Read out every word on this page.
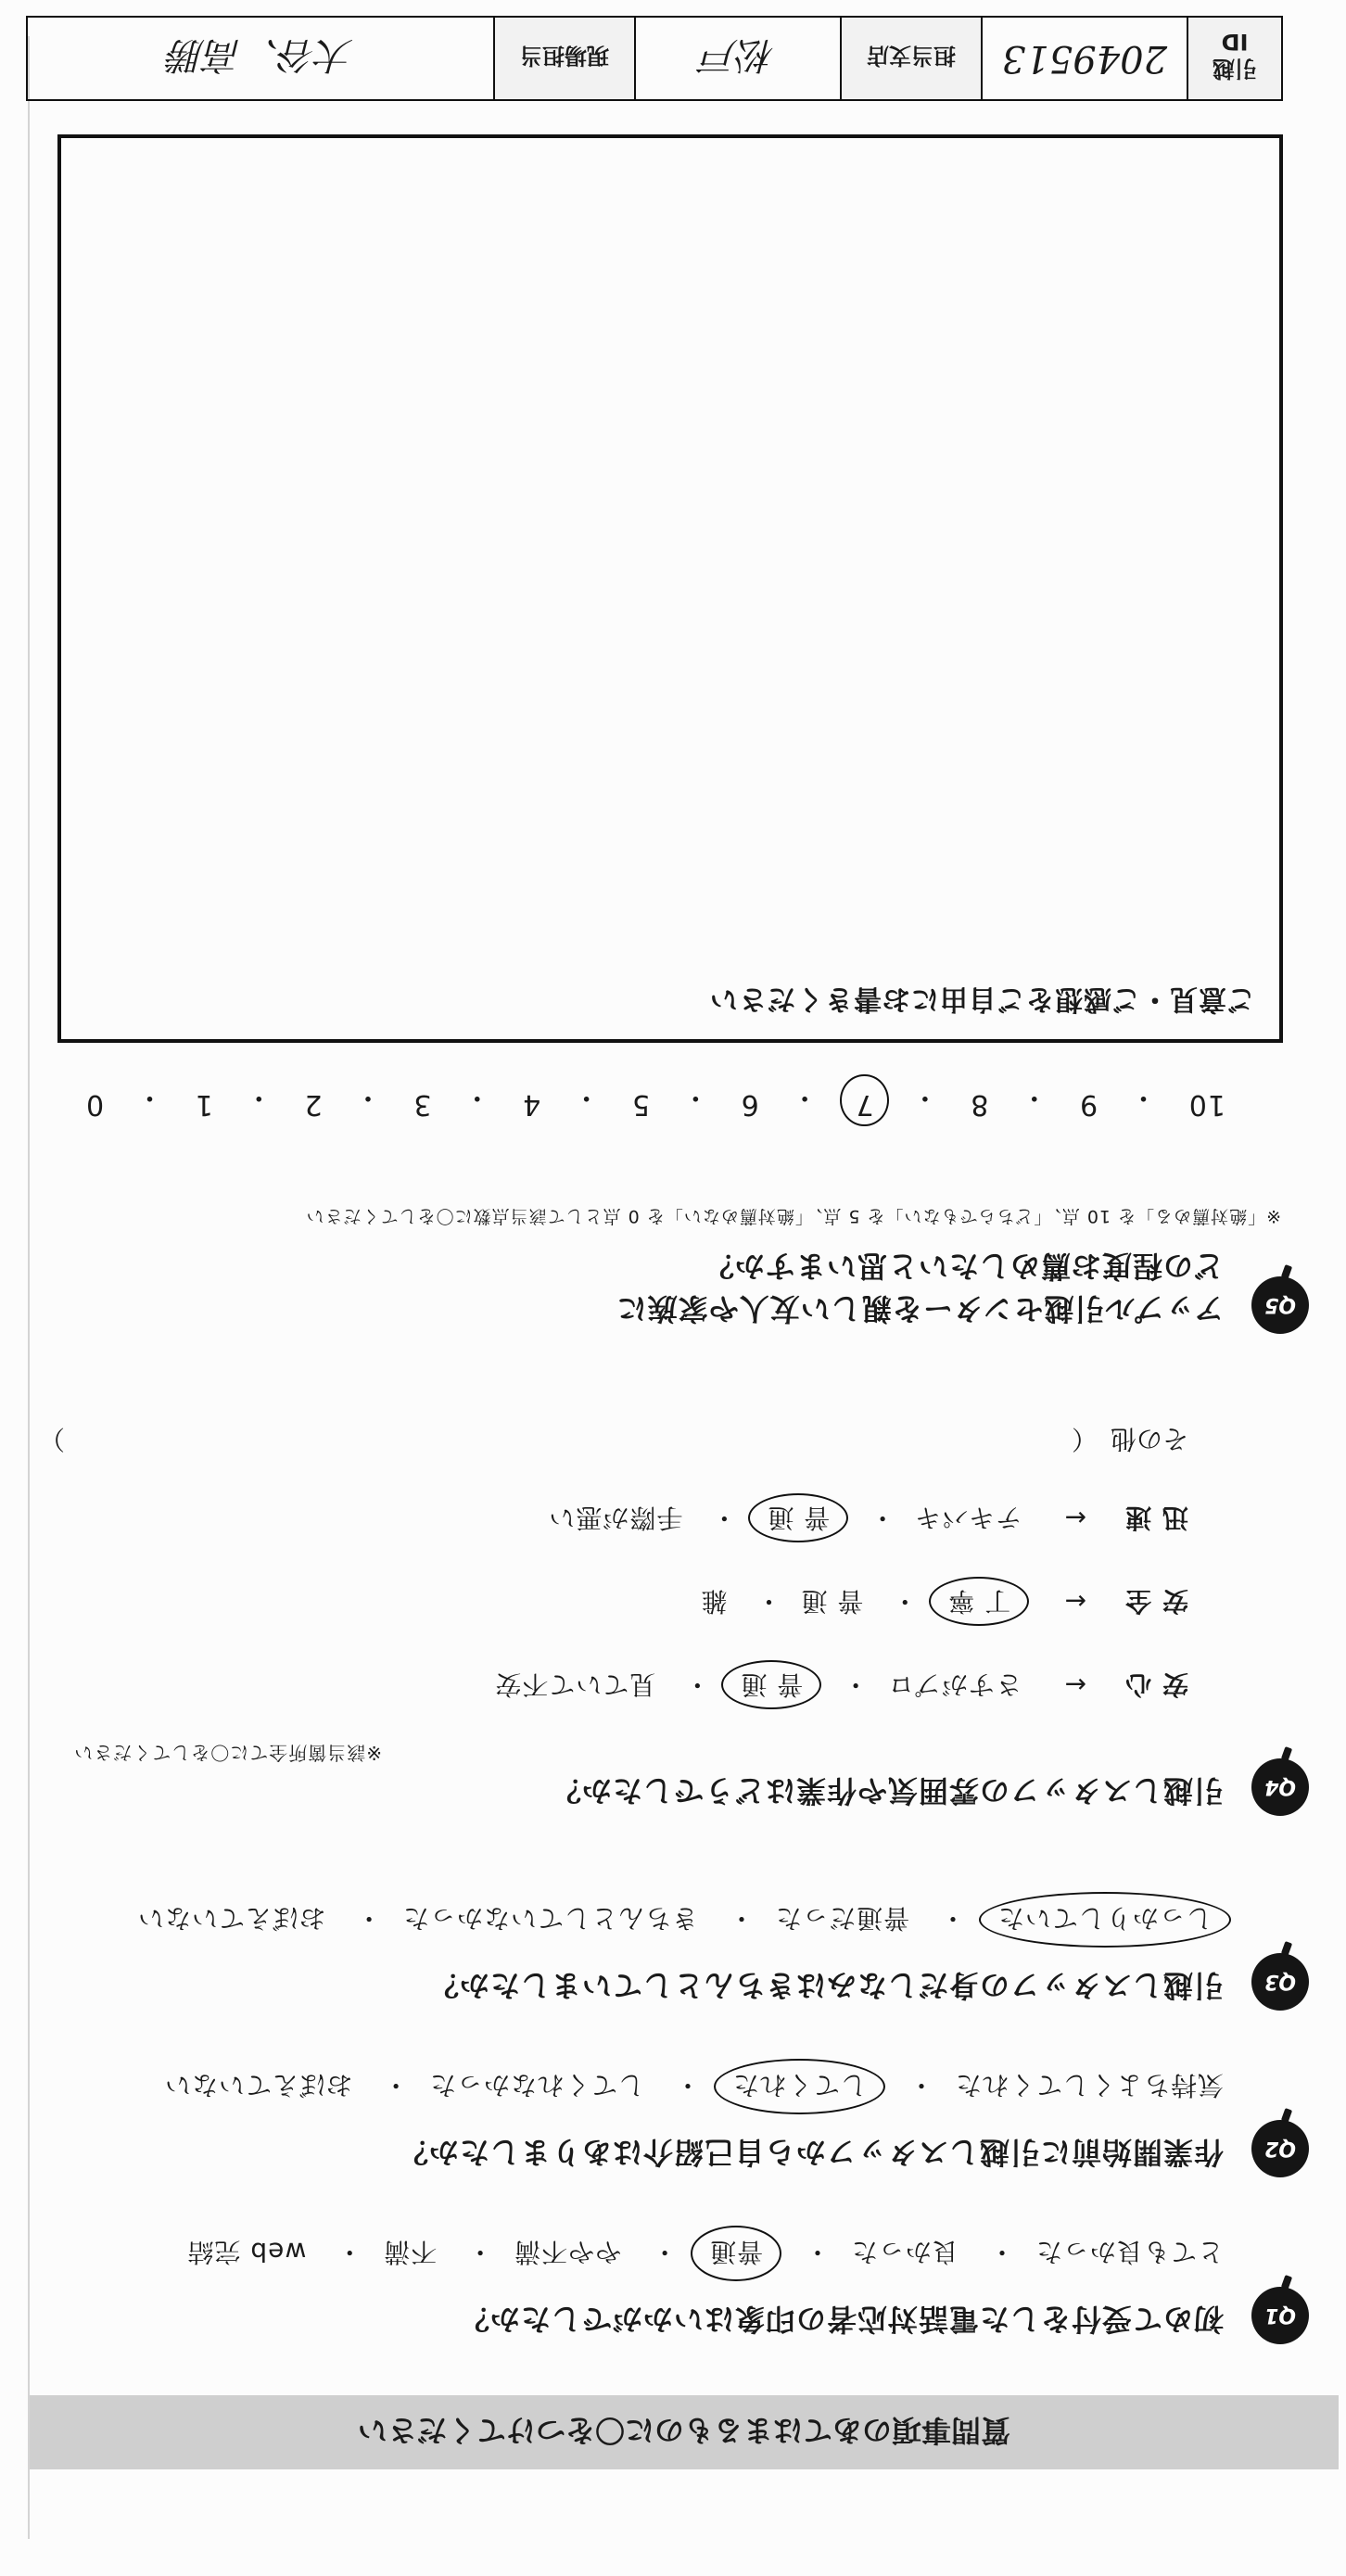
質問事項のあてはまるものに〇をつけてください
Q1
初めて受付をした電話対応者の印象はいかがでしたか？
とても良かった・ 良かった・ 普通・ やや不満・ 不満・ web 完結
Q2
作業開始前に引越しスタッフから自己紹介はありましたか？
気持ちよくしてくれた・ してくれた・ してくれなかった・ おぼえていない
Q3
引越しスタッフの身だしなみはきちんとしていましたか？
しっかりしていた・ 普通だった・ きちんとしていなかった・ おぼえていない
Q4
引越しスタッフの雰囲気や作業はどうでしたか？
※該当箇所全てに〇をしてください
安 心 ← さすがプロ・ 普 通・ 見ていて不安
安 全 ← 丁 寧・ 普 通・ 雑
迅 速 ← テキパキ・ 普 通・ 手際が悪い
その他　（
）
Q5
アップル引越センターを親しい友人や家族に
どの程度お薦めしたいと思いますか？
※「絶対薦める」を 10 点、「どちらでもない」を 5 点、「絶対薦めない」を 0 点として該当点数に〇をしてください
10
・
9
・
8
・
7
・
6
・
5
・
4
・
3
・
2
・
1
・
0
ご意見・ご感想をご自由にお書きください
引越 ID	2049513	担当支店	松戸	現場担当	大谷、高勝
